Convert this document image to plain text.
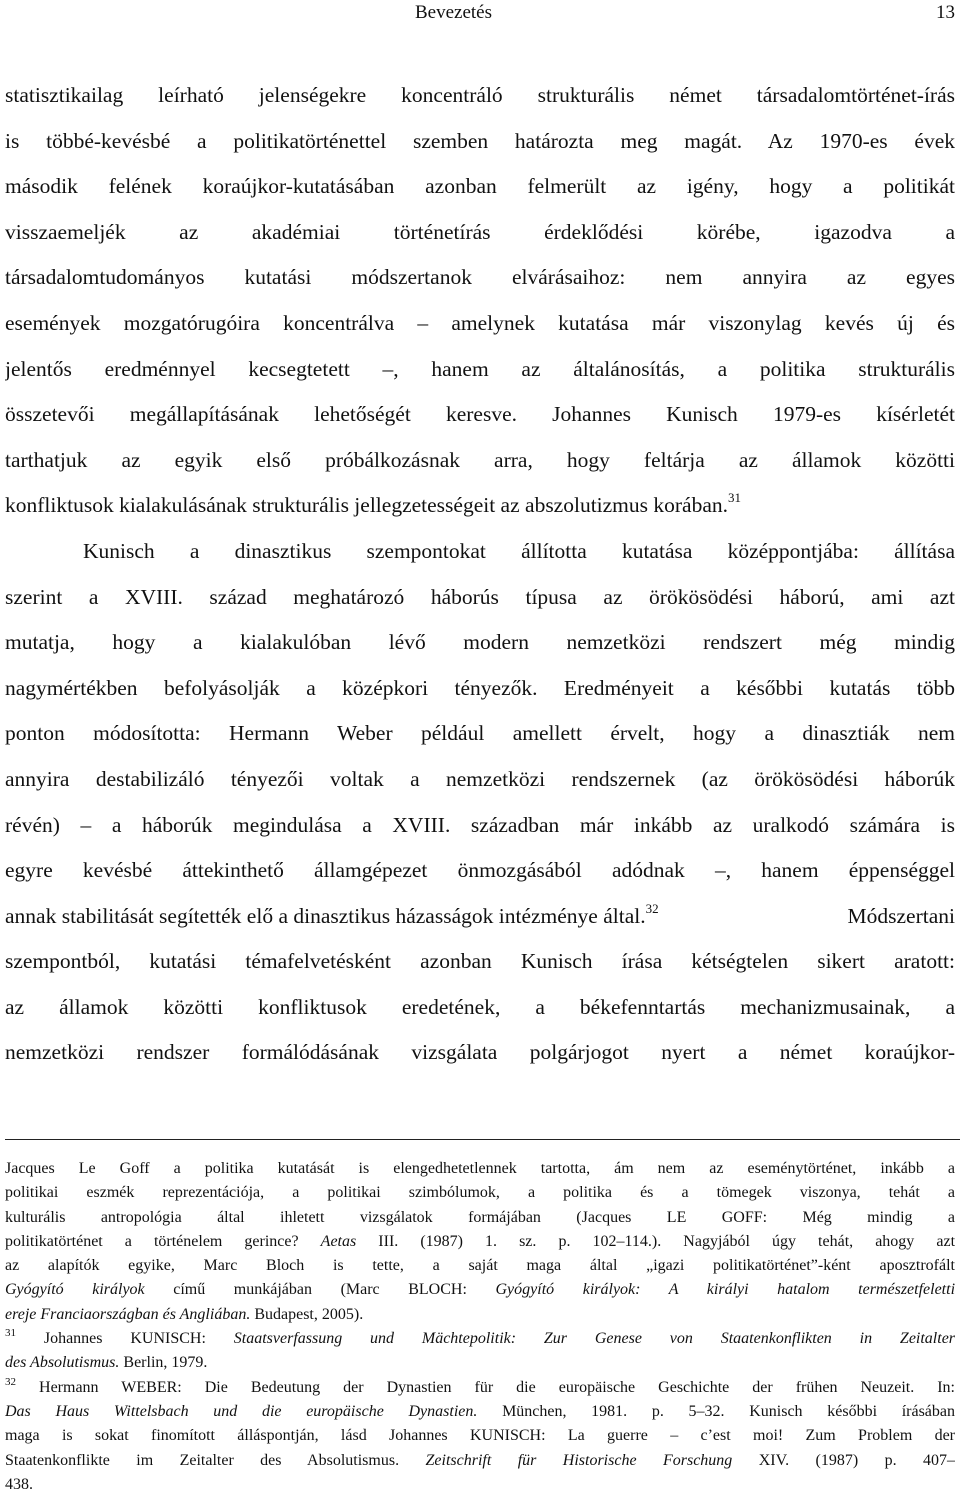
Bevezetés	13
statisztikailag leírható jelenségekre koncentráló strukturális német társadalomtörténet-írás
is többé-kevésbé a politikatörténettel szemben határozta meg magát. Az 1970-es évek
második felének koraújkor-kutatásában azonban felmerült az igény, hogy a politikát
visszaemeljék az akadémiai történetírás érdeklődési körébe, igazodva a
társadalomtudományos kutatási módszertanok elvárásaihoz: nem annyira az egyes
események mozgatórugóira koncentrálva – amelynek kutatása már viszonylag kevés új és
jelentős eredménnyel kecsegtetett –, hanem az általánosítás, a politika strukturális
összetevői megállapításának lehetőségét keresve. Johannes Kunisch 1979-es kísérletét
tarthatjuk az egyik első próbálkozásnak arra, hogy feltárja az államok közötti
konfliktusok kialakulásának strukturális jellegzetességeit az abszolutizmus korában.$^{31}$
Kunisch a dinasztikus szempontokat állította kutatása középpontjába: állítása
szerint a XVIII. század meghatározó háborús típusa az örökösödési háború, ami azt
mutatja, hogy a kialakulóban lévő modern nemzetközi rendszert még mindig
nagymértékben befolyásolják a középkori tényezők. Eredményeit a későbbi kutatás több
ponton módosította: Hermann Weber például amellett érvelt, hogy a dinasztiák nem
annyira destabilizáló tényezői voltak a nemzetközi rendszernek (az örökösödési háborúk
révén) – a háborúk megindulása a XVIII. században már inkább az uralkodó számára is
egyre kevésbé áttekinthető államgépezet önmozgásából adódnak –, hanem éppenséggel
annak stabilitását segítették elő a dinasztikus házasságok intézménye által.$^{32}$	Módszertani
szempontból, kutatási témafelvetésként azonban Kunisch írása kétségtelen sikert aratott:
az államok közötti konfliktusok eredetének, a békefenntartás mechanizmusainak, a
nemzetközi rendszer formálódásának vizsgálata polgárjogot nyert a német koraújkor-
Jacques Le Goff a politika kutatását is elengedhetetlennek tartotta, ám nem az eseménytörténet, inkább a
politikai eszmék reprezentációja, a politikai szimbólumok, a politika és a tömegek viszonya, tehát a
kulturális antropológia által ihletett vizsgálatok formájában (Jacques LE GOFF: Még mindig a
politikatörténet a történelem gerince? Aetas III. (1987) 1. sz. p. 102–114.). Nagyjából úgy tehát, ahogy azt
az alapítók egyike, Marc Bloch is tette, a saját maga által „igazi politikatörténet”-ként aposztrofált
Gyógyító királyok című munkájában (Marc BLOCH: Gyógyító királyok: A királyi hatalom természetfeletti
ereje Franciaországban és Angliában. Budapest, 2005).
$^{31}$ Johannes KUNISCH: Staatsverfassung und Mächtepolitik: Zur Genese von Staatenkonflikten in Zeitalter
des Absolutismus. Berlin, 1979.
$^{32}$ Hermann WEBER: Die Bedeutung der Dynastien für die europäische Geschichte der frühen Neuzeit. In:
Das Haus Wittelsbach und die europäische Dynastien. München, 1981. p. 5–32. Kunisch későbbi írásában
maga is sokat finomított álláspontján, lásd Johannes KUNISCH: La guerre – c’est moi! Zum Problem der
Staatenkonflikte im Zeitalter des Absolutismus. Zeitschrift für Historische Forschung XIV. (1987) p. 407–
438.
